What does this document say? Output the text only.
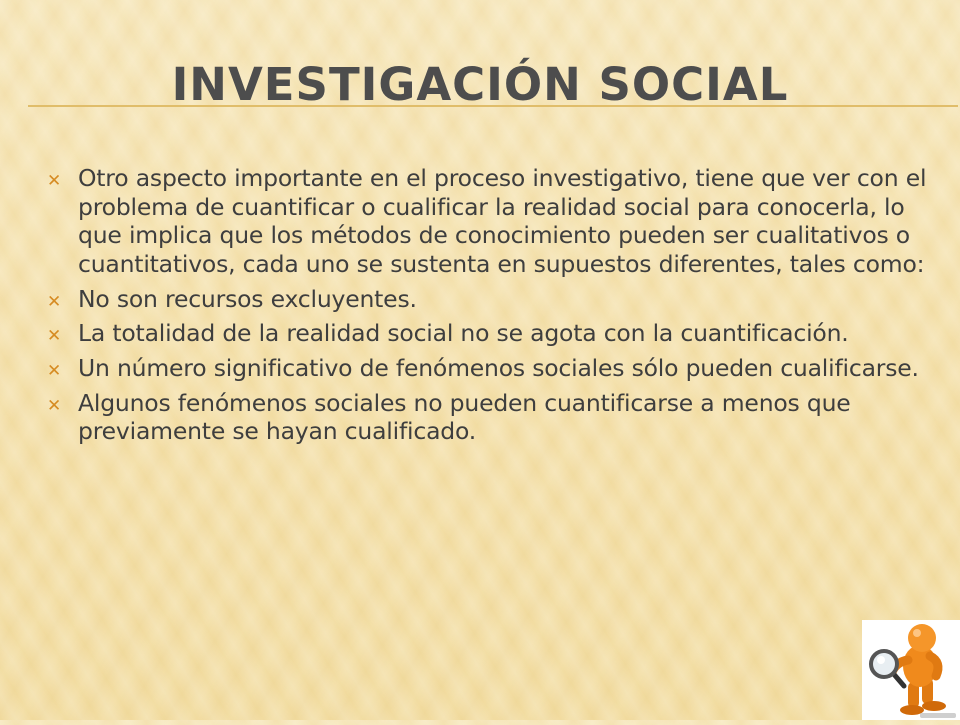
INVESTIGACIÓN SOCIAL
✕ Otro aspecto importante en el proceso investigativo, tiene que ver con el problema de cuantificar o cualificar la realidad social para conocerla, lo que implica que los métodos de conocimiento pueden ser cualitativos o cuantitativos, cada uno se sustenta en supuestos diferentes, tales como:
✕ No son recursos excluyentes.
✕ La totalidad de la realidad social no se agota con la cuantificación.
✕ Un número significativo de fenómenos sociales sólo pueden cualificarse.
✕ Algunos fenómenos sociales no pueden cuantificarse a menos que previamente se hayan cualificado.
